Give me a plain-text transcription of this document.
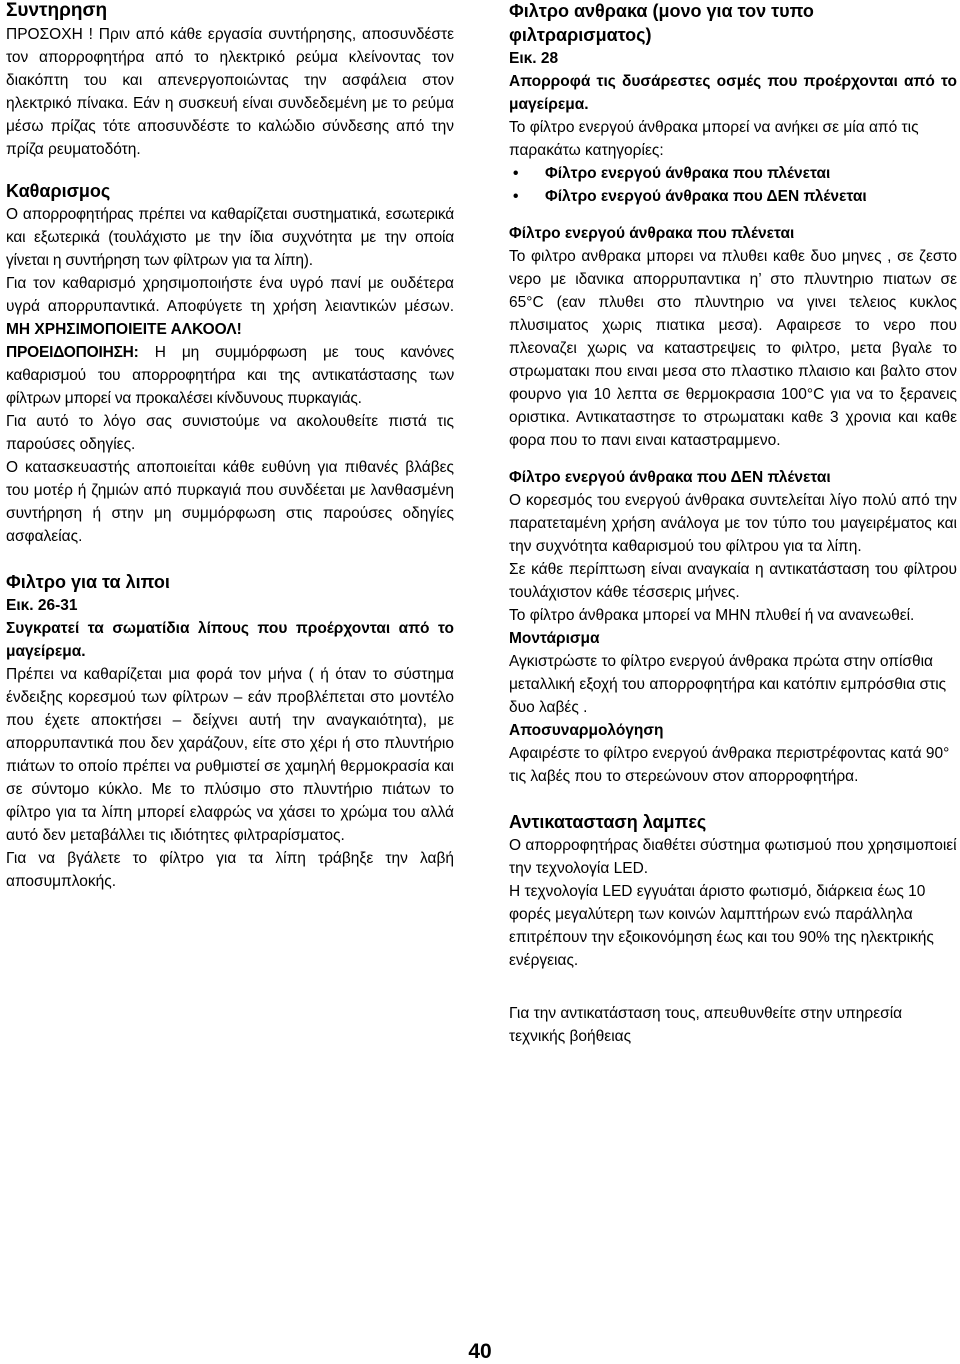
Συντηρηση

ΠΡΟΣΟΧΗ ! Πριν από κάθε εργασία συντήρησης, αποσυνδέστε τον απορροφητήρα από το ηλεκτρικό ρεύμα κλείνοντας τον διακόπτη του και απενεργοποιώντας την ασφάλεια στον ηλεκτρικό πίνακα. Εάν η συσκευή είναι συνδεδεμένη με το ρεύμα μέσω πρίζας τότε αποσυνδέστε το καλώδιο σύνδεσης από την πρίζα ρευματοδότη.

Καθαρισμος

Ο απορροφητήρας πρέπει να καθαρίζεται συστηματικά, εσωτερικά και εξωτερικά (τουλάχιστο με την ίδια συχνότητα με την οποία γίνεται η συντήρηση των φίλτρων για τα λίπη).

Για τον καθαρισμό χρησιμοποιήστε ένα υγρό πανί με ουδέτερα υγρά απορρυπαντικά. Αποφύγετε τη χρήση λειαντικών μέσων. ΜΗ ΧΡΗΣΙΜΟΠΟΙΕΙΤΕ ΑΛΚΟΟΛ!

ΠΡΟΕΙΔΟΠΟΙΗΣΗ: Η μη συμμόρφωση με τους κανόνες καθαρισμού του απορροφητήρα και της αντικατάστασης των φίλτρων μπορεί να προκαλέσει κίνδυνους πυρκαγιάς.

Για αυτό το λόγο σας συνιστούμε να ακολουθείτε πιστά τις παρούσες οδηγίες.

Ο κατασκευαστής αποποιείται κάθε ευθύνη για πιθανές βλάβες του μοτέρ ή ζημιών από πυρκαγιά που συνδέεται με λανθασμένη συντήρηση ή στην μη συμμόρφωση στις παρούσες οδηγίες ασφαλείας.

Φιλτρο για τα λιποι

Εικ. 26-31

Συγκρατεί τα σωματίδια λίπους που προέρχονται από το μαγείρεμα.

Πρέπει να καθαρίζεται μια φορά τον μήνα ( ή όταν το σύστημα ένδειξης κορεσμού των φίλτρων – εάν προβλέπεται στο μοντέλο που έχετε αποκτήσει – δείχνει αυτή την αναγκαιότητα), με απορρυπαντικά που δεν χαράζουν, είτε στο χέρι ή στο πλυντήριο πιάτων το οποίο πρέπει να ρυθμιστεί σε χαμηλή θερμοκρασία και σε σύντομο κύκλο. Με το πλύσιμο στο πλυντήριο πιάτων το φίλτρο για τα λίπη μπορεί ελαφρώς να χάσει το χρώμα του αλλά αυτό δεν μεταβάλλει τις ιδιότητες φιλτραρίσματος.

Για να βγάλετε το φίλτρο για τα λίπη τράβηξε την λαβή αποσυμπλοκής.

Φιλτρο ανθρακα (μονο για τον τυπο φιλτραρισματος)

Εικ. 28

Απορροφά τις δυσάρεστες οσμές που προέρχονται από το μαγείρεμα.

Το φίλτρο ενεργού άνθρακα μπορεί να ανήκει σε μία από τις παρακάτω κατηγορίες:

• Φίλτρο ενεργού άνθρακα που πλένεται
• Φίλτρο ενεργού άνθρακα που ΔΕΝ πλένεται
Φίλτρο ενεργού άνθρακα που πλένεται

Το φιλτρο ανθρακα μπορει να πλυθει καθε δυο μηνες , σε ζεστο νερο με ιδανικα απορρυπαντικα η’ στο πλυντηριο πιατων σε 65°C (εαν πλυθει στο πλυντηριο να γινει τελειος κυκλος πλυσιματος χωρις πιατικα μεσα). Αφαιρεσε το νερο που πλεοναζει χωρις να καταστρεψεις το φιλτρο, μετα βγαλε το στρωματακι που ειναι μεσα στο πλαστικο πλαισιο και βαλτο στον φουρνο για 10 λεπτα σε θερμοκρασια 100°C για να το ξερανεις οριστικα. Αντικαταστησε το στρωματακι καθε 3 χρονια και καθε φορα που το πανι ειναι καταστραμμενο.

Φίλτρο ενεργού άνθρακα που ΔΕΝ πλένεται

Ο κορεσμός του ενεργού άνθρακα συντελείται λίγο πολύ από την παρατεταμένη χρήση ανάλογα με τον τύπο του μαγειρέματος και την συχνότητα καθαρισμού του φίλτρου για τα λίπη.

Σε κάθε περίπτωση είναι αναγκαία η αντικατάσταση του φίλτρου τουλάχιστον κάθε τέσσερις μήνες.

Το φίλτρο άνθρακα μπορεί να ΜΗΝ πλυθεί ή να ανανεωθεί.

Μοντάρισμα

Αγκιστρώστε το φίλτρο ενεργού άνθρακα πρώτα στην οπίσθια μεταλλική εξοχή του απορροφητήρα και κατόπιν εμπρόσθια στις δυο λαβές .

Αποσυναρμολόγηση

Αφαιρέστε το φίλτρο ενεργού άνθρακα περιστρέφοντας κατά 90° τις λαβές που το στερεώνουν στον απορροφητήρα.

Αντικατασταση λαμπες

Ο απορροφητήρας διαθέτει σύστημα φωτισμού που χρησιμοποιεί την τεχνολογία LED.

Η τεχνολογία LED εγγυάται άριστο φωτισμό, διάρκεια έως 10 φορές μεγαλύτερη των κοινών λαμπτήρων ενώ παράλληλα επιτρέπουν την εξοικονόμηση έως και του 90% της ηλεκτρικής ενέργειας.

Για την αντικατάσταση τους, απευθυνθείτε στην υπηρεσία τεχνικής βοήθειας

40
